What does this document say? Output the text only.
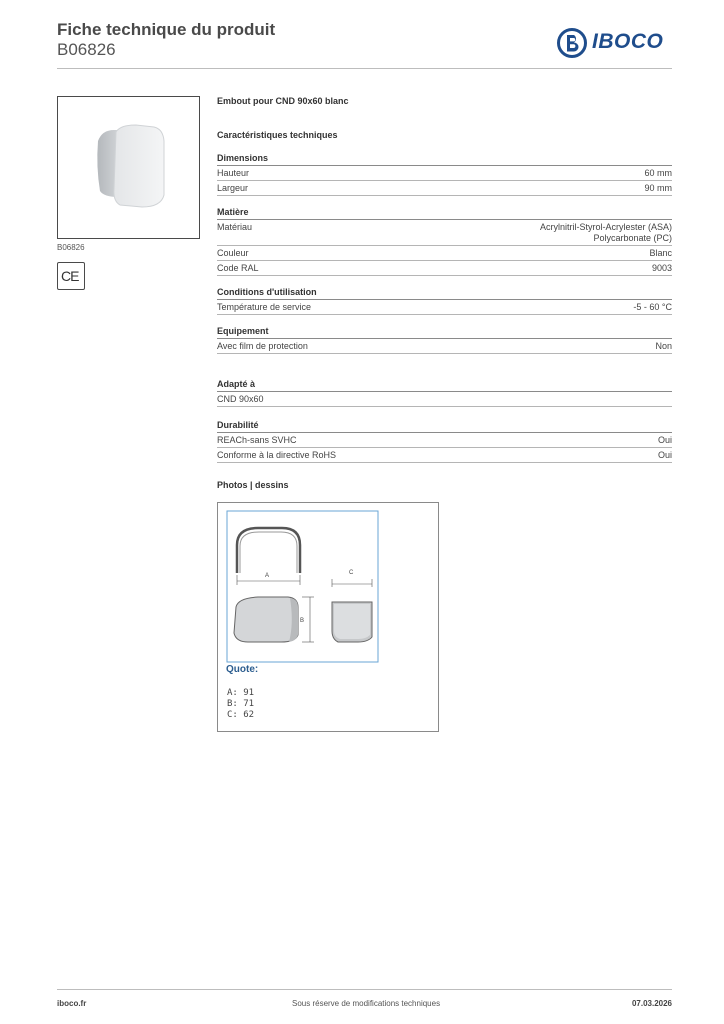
Fiche technique du produit
B06826	IBOCO
B06826
CE
Embout pour CND 90x60 blanc
Caractéristiques techniques
Dimensions
Hauteur	60 mm
Largeur	90 mm
Matière
Matériau	Acrylnitril-Styrol-Acrylester (ASA)
Polycarbonate (PC)
Couleur	Blanc
Code RAL	9003
Conditions d'utilisation
Température de service	-5 - 60 °C
Equipement
Avec film de protection	Non
Adapté à
CND 90x60
Durabilité
REACh-sans SVHC	Oui
Conforme à la directive RoHS	Oui
Photos | dessins
A
B
C
Quote:
A: 91
B: 71
C: 62
iboco.fr	Sous réserve de modifications techniques	07.03.2026
